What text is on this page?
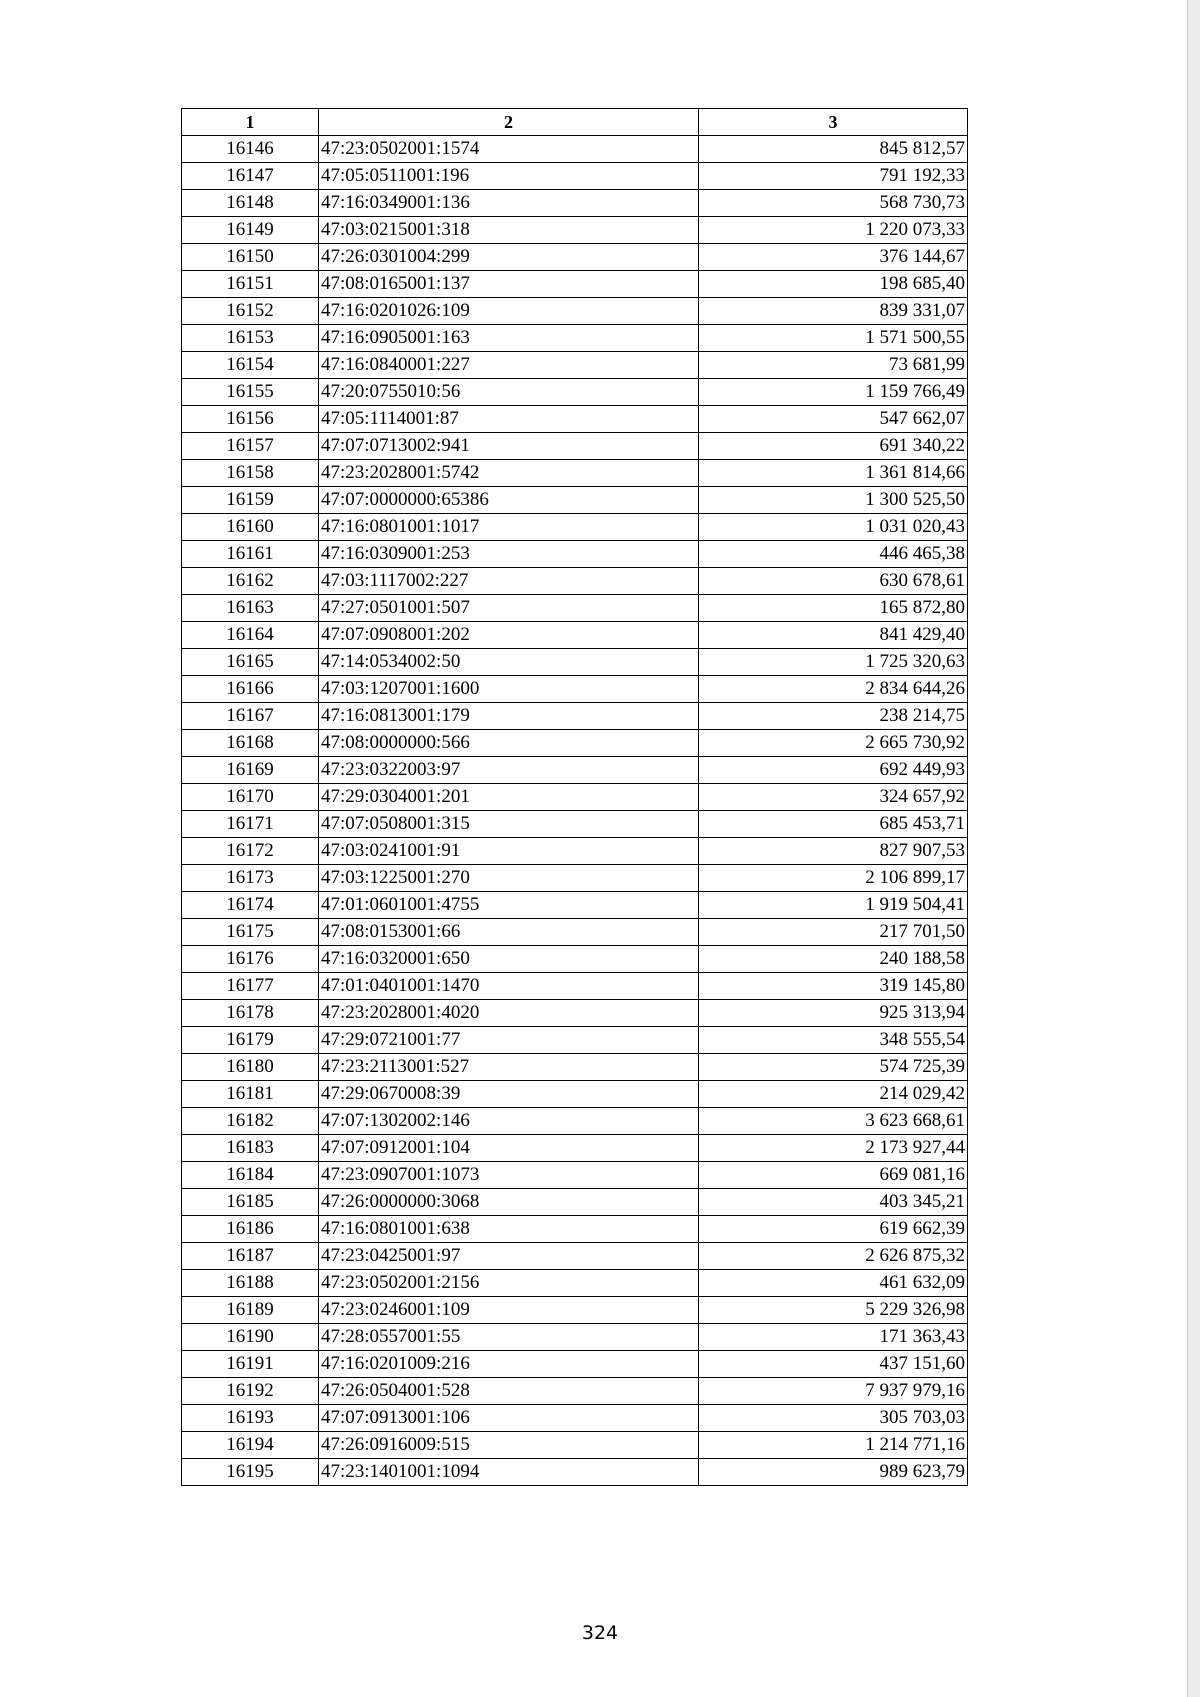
1	2	3
16146	47:23:0502001:1574	845 812,57
16147	47:05:0511001:196	791 192,33
16148	47:16:0349001:136	568 730,73
16149	47:03:0215001:318	1 220 073,33
16150	47:26:0301004:299	376 144,67
16151	47:08:0165001:137	198 685,40
16152	47:16:0201026:109	839 331,07
16153	47:16:0905001:163	1 571 500,55
16154	47:16:0840001:227	73 681,99
16155	47:20:0755010:56	1 159 766,49
16156	47:05:1114001:87	547 662,07
16157	47:07:0713002:941	691 340,22
16158	47:23:2028001:5742	1 361 814,66
16159	47:07:0000000:65386	1 300 525,50
16160	47:16:0801001:1017	1 031 020,43
16161	47:16:0309001:253	446 465,38
16162	47:03:1117002:227	630 678,61
16163	47:27:0501001:507	165 872,80
16164	47:07:0908001:202	841 429,40
16165	47:14:0534002:50	1 725 320,63
16166	47:03:1207001:1600	2 834 644,26
16167	47:16:0813001:179	238 214,75
16168	47:08:0000000:566	2 665 730,92
16169	47:23:0322003:97	692 449,93
16170	47:29:0304001:201	324 657,92
16171	47:07:0508001:315	685 453,71
16172	47:03:0241001:91	827 907,53
16173	47:03:1225001:270	2 106 899,17
16174	47:01:0601001:4755	1 919 504,41
16175	47:08:0153001:66	217 701,50
16176	47:16:0320001:650	240 188,58
16177	47:01:0401001:1470	319 145,80
16178	47:23:2028001:4020	925 313,94
16179	47:29:0721001:77	348 555,54
16180	47:23:2113001:527	574 725,39
16181	47:29:0670008:39	214 029,42
16182	47:07:1302002:146	3 623 668,61
16183	47:07:0912001:104	2 173 927,44
16184	47:23:0907001:1073	669 081,16
16185	47:26:0000000:3068	403 345,21
16186	47:16:0801001:638	619 662,39
16187	47:23:0425001:97	2 626 875,32
16188	47:23:0502001:2156	461 632,09
16189	47:23:0246001:109	5 229 326,98
16190	47:28:0557001:55	171 363,43
16191	47:16:0201009:216	437 151,60
16192	47:26:0504001:528	7 937 979,16
16193	47:07:0913001:106	305 703,03
16194	47:26:0916009:515	1 214 771,16
16195	47:23:1401001:1094	989 623,79
324
